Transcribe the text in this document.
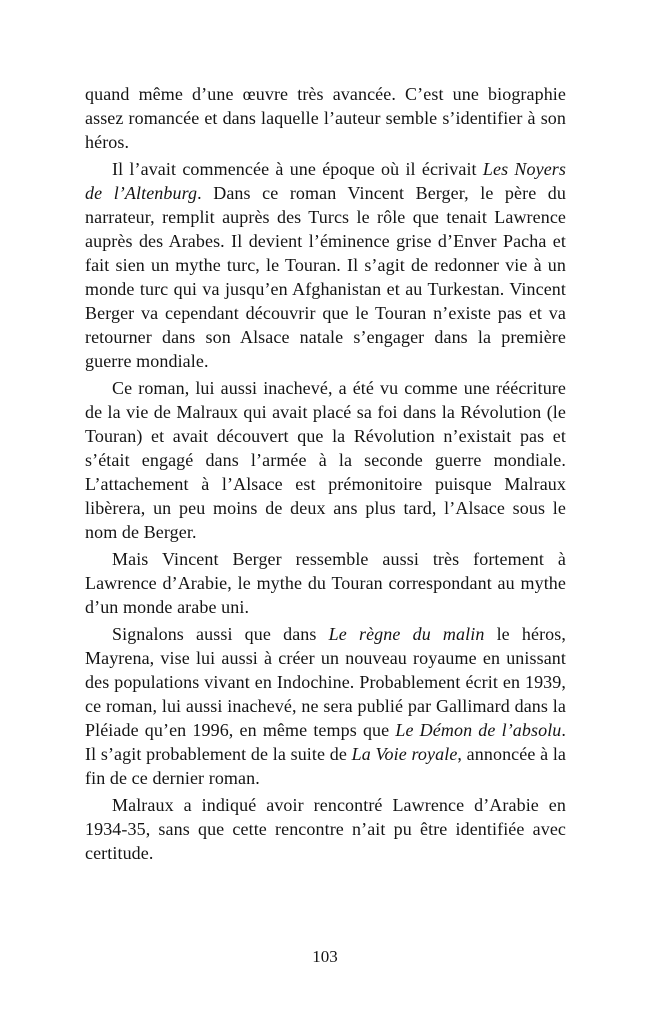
quand même d’une œuvre très avancée. C’est une biographie assez romancée et dans laquelle l’auteur semble s’identifier à son héros.

Il l’avait commencée à une époque où il écrivait Les Noyers de l’Altenburg. Dans ce roman Vincent Berger, le père du narrateur, remplit auprès des Turcs le rôle que tenait Lawrence auprès des Arabes. Il devient l’éminence grise d’Enver Pacha et fait sien un mythe turc, le Touran. Il s’agit de redonner vie à un monde turc qui va jusqu’en Afghanistan et au Turkestan. Vincent Berger va cependant découvrir que le Touran n’existe pas et va retourner dans son Alsace natale s’engager dans la première guerre mondiale.

Ce roman, lui aussi inachevé, a été vu comme une réécriture de la vie de Malraux qui avait placé sa foi dans la Révolution (le Touran) et avait découvert que la Révolution n’existait pas et s’était engagé dans l’armée à la seconde guerre mondiale. L’attachement à l’Alsace est prémonitoire puisque Malraux libèrera, un peu moins de deux ans plus tard, l’Alsace sous le nom de Berger.

Mais Vincent Berger ressemble aussi très fortement à Lawrence d’Arabie, le mythe du Touran correspondant au mythe d’un monde arabe uni.

Signalons aussi que dans Le règne du malin le héros, Mayrena, vise lui aussi à créer un nouveau royaume en unissant des populations vivant en Indochine. Probablement écrit en 1939, ce roman, lui aussi inachevé, ne sera publié par Gallimard dans la Pléiade qu’en 1996, en même temps que Le Démon de l’absolu. Il s’agit probablement de la suite de La Voie royale, annoncée à la fin de ce dernier roman.

Malraux a indiqué avoir rencontré Lawrence d’Arabie en 1934-35, sans que cette rencontre n’ait pu être identifiée avec certitude.

103
